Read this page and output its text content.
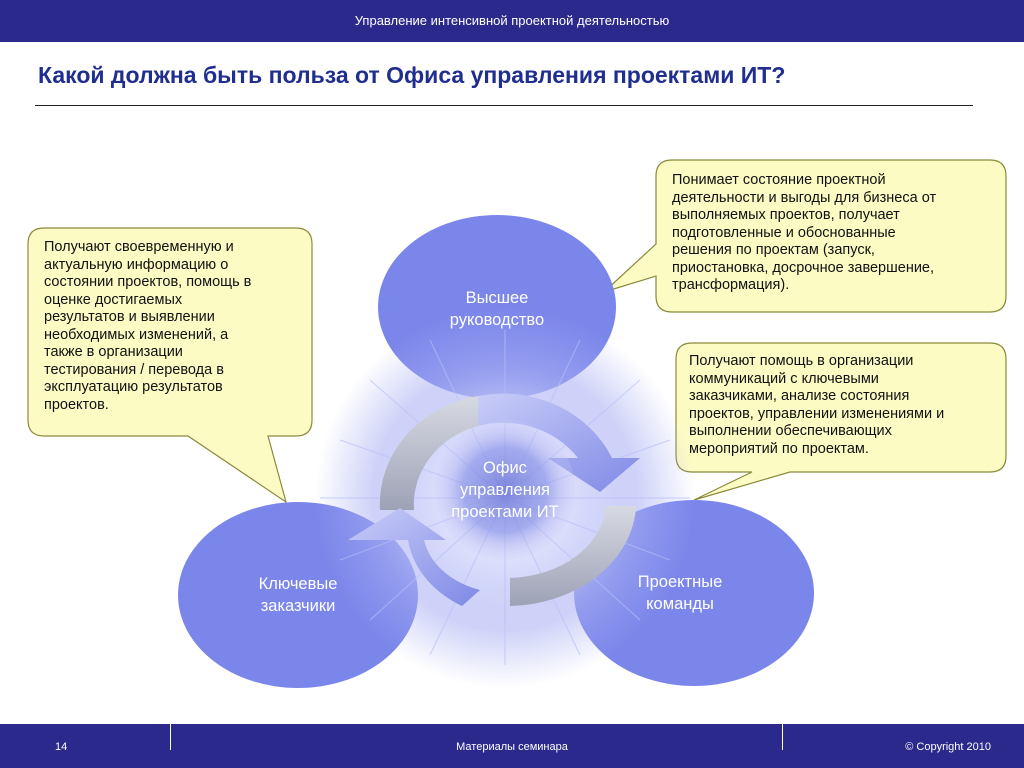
Управление интенсивной проектной деятельностью
Какой должна быть польза от Офиса управления проектами ИТ?
Получают своевременную и
актуальную информацию о
состоянии проектов, помощь в
оценке достигаемых
результатов и выявлении
необходимых изменений, а
также в организации
тестирования / перевода в
эксплуатацию результатов
проектов.
Понимает состояние проектной
деятельности и выгоды для бизнеса от
выполняемых проектов, получает
подготовленные и обоснованные
решения по проектам (запуск,
приостановка, досрочное завершение,
трансформация).
Получают помощь в организации
коммуникаций с ключевыми
заказчиками, анализе состояния
проектов, управлении изменениями и
выполнении обеспечивающих
мероприятий по проектам.
Высшее
руководство
Ключевые
заказчики
Проектные
команды
Офис
управления
проектами ИТ
14	Материалы семинара	© Copyright 2010
